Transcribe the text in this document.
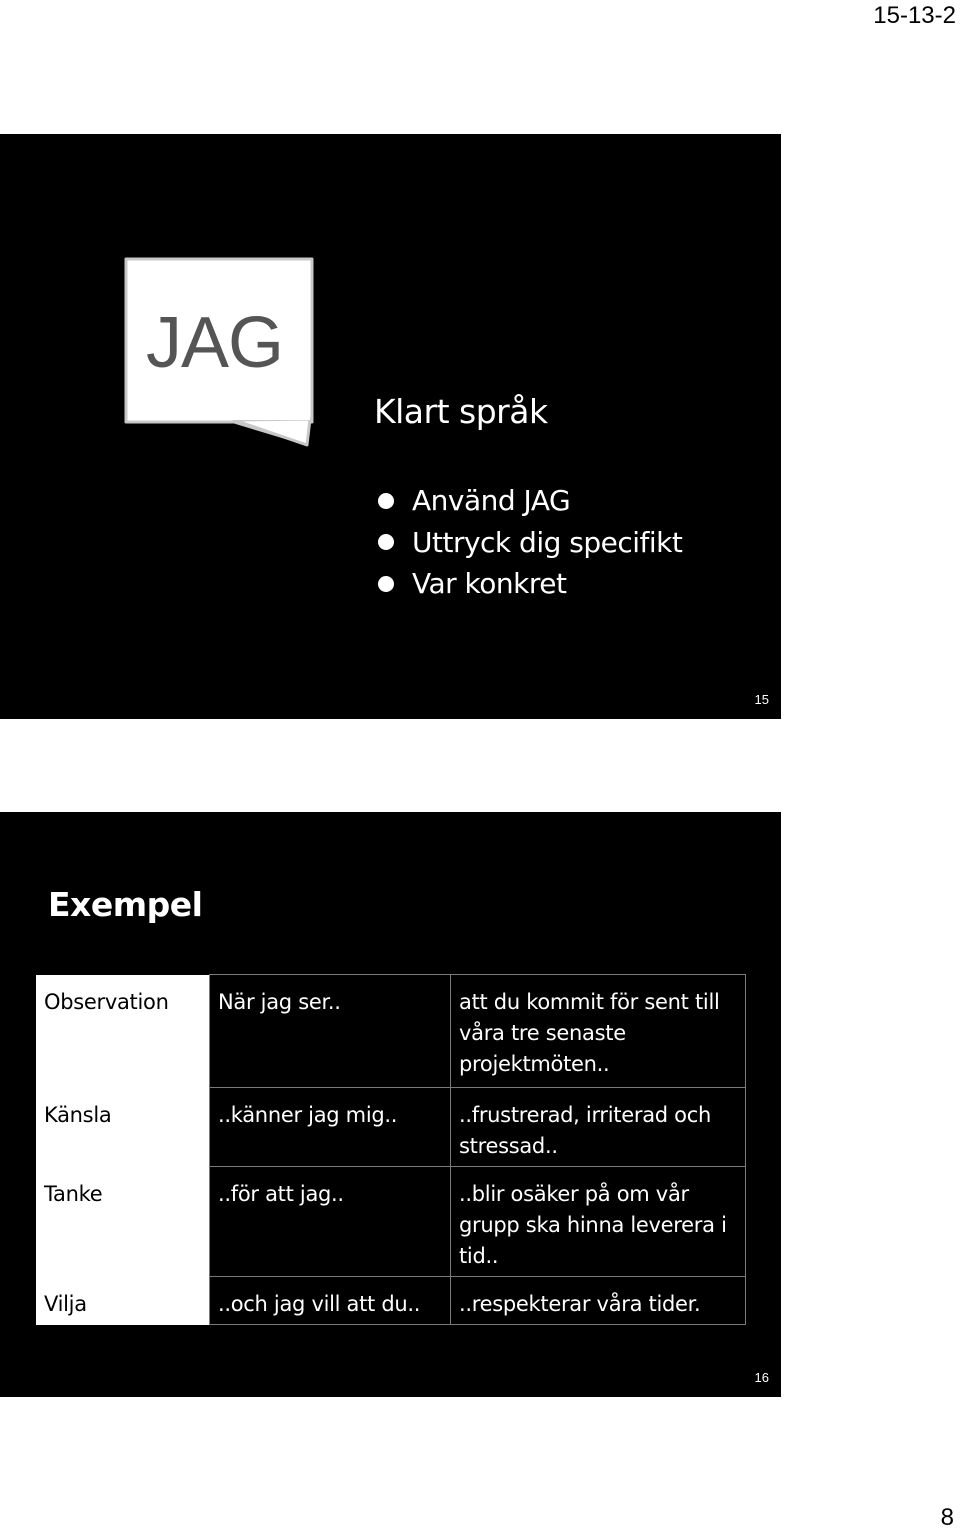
15-13-2
JAG
Klart språk
Använd JAG
Uttryck dig specifikt
Var konkret
15
Exempel
Observation	När jag ser..	att du kommit för sent till våra tre senaste projektmöten..
Känsla	..känner jag mig..	..frustrerad, irriterad och stressad..
Tanke	..för att jag..	..blir osäker på om vår grupp ska hinna leverera i tid..
Vilja	..och jag vill att du..	..respekterar våra tider.
16
8
